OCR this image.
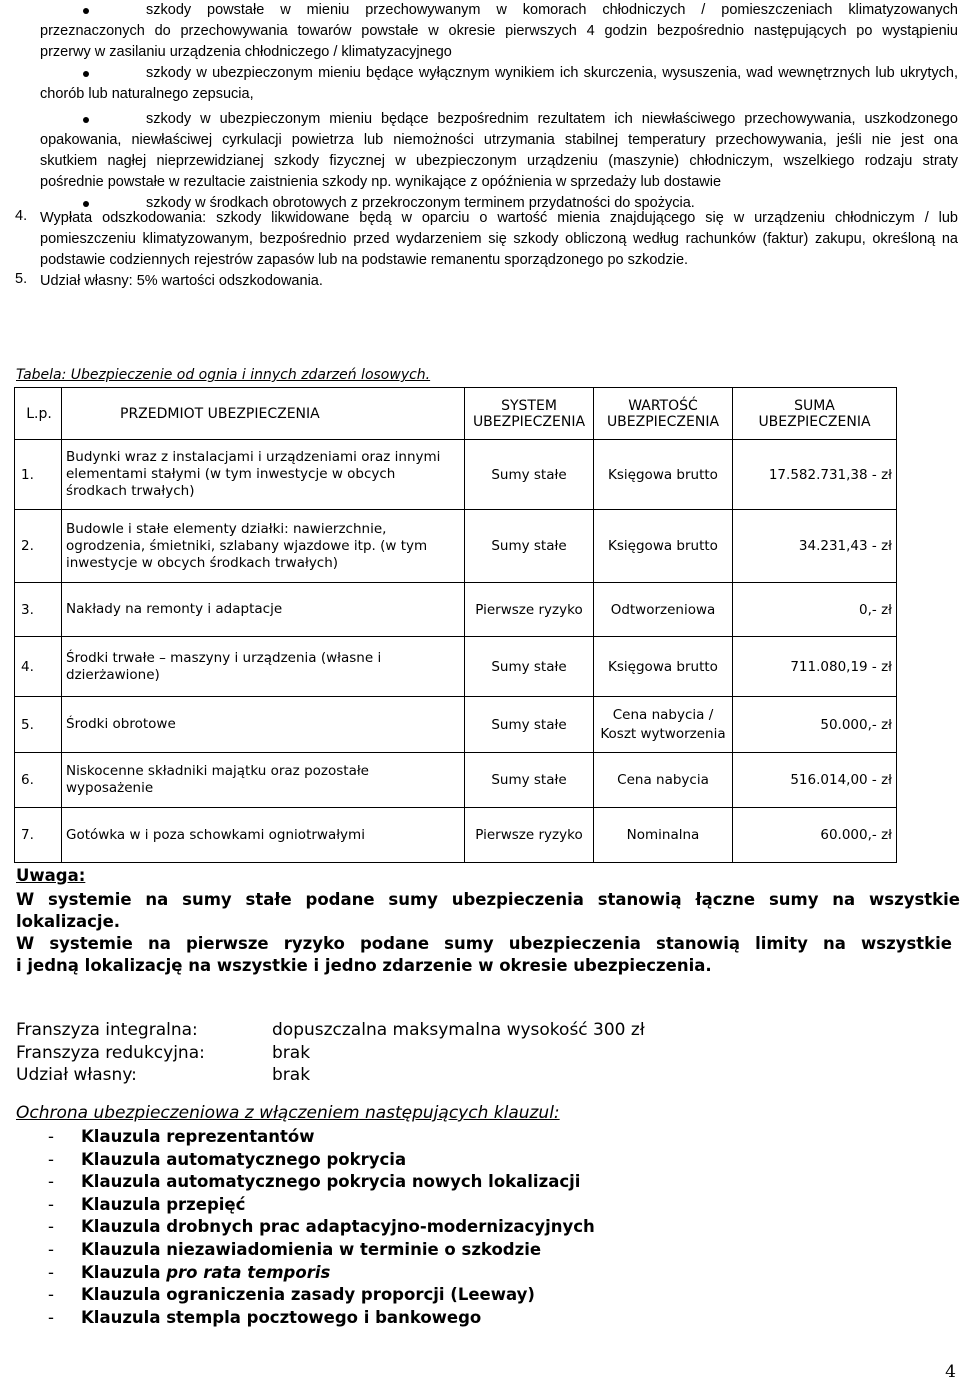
szkody powstałe w mieniu przechowywanym w komorach chłodniczych / pomieszczeniach klimatyzowanych
przeznaczonych do przechowywania towarów powstałe w okresie pierwszych 4 godzin bezpośrednio następujących po wystąpieniu
przerwy w zasilaniu urządzenia chłodniczego / klimatyzacyjnego
szkody w ubezpieczonym mieniu będące wyłącznym wynikiem ich skurczenia, wysuszenia, wad wewnętrznych lub ukrytych,
chorób lub naturalnego zepsucia,
szkody w ubezpieczonym mieniu będące bezpośrednim rezultatem ich niewłaściwego przechowywania, uszkodzonego
opakowania, niewłaściwej cyrkulacji powietrza lub niemożności utrzymania stabilnej temperatury przechowywania, jeśli nie jest ona
skutkiem nagłej nieprzewidzianej szkody fizycznej w ubezpieczonym urządzeniu (maszynie) chłodniczym, wszelkiego rodzaju straty
pośrednie powstałe w rezultacie zaistnienia szkody np. wynikające z opóźnienia w sprzedaży lub dostawie
szkody w środkach obrotowych z przekroczonym terminem przydatności do spożycia.
4. Wypłata odszkodowania: szkody likwidowane będą w oparciu o wartość mienia znajdującego się w urządzeniu chłodniczym / lub
pomieszczeniu klimatyzowanym, bezpośrednio przed wydarzeniem się szkody obliczoną według rachunków (faktur) zakupu, określoną na
podstawie codziennych rejestrów zapasów lub na podstawie remanentu sporządzonego po szkodzie.
5. Udział własny: 5% wartości odszkodowania.
Tabela: Ubezpieczenie od ognia i innych zdarzeń losowych.
L.p.	PRZEDMIOT UBEZPIECZENIA	SYSTEM UBEZPIECZENIA	WARTOŚĆ UBEZPIECZENIA	SUMA UBEZPIECZENIA
1.	Budynki wraz z instalacjami i urządzeniami oraz innymi elementami stałymi (w tym inwestycje w obcych środkach trwałych)	Sumy stałe	Księgowa brutto	17.582.731,38 - zł
2.	Budowle i stałe elementy działki: nawierzchnie, ogrodzenia, śmietniki, szlabany wjazdowe itp. (w tym inwestycje w obcych środkach trwałych)	Sumy stałe	Księgowa brutto	34.231,43 - zł
3.	Nakłady na remonty i adaptacje	Pierwsze ryzyko	Odtworzeniowa	0,- zł
4.	Środki trwałe – maszyny i urządzenia (własne i dzierżawione)	Sumy stałe	Księgowa brutto	711.080,19 - zł
5.	Środki obrotowe	Sumy stałe	Cena nabycia / Koszt wytworzenia	50.000,- zł
6.	Niskocenne składniki majątku oraz pozostałe wyposażenie	Sumy stałe	Cena nabycia	516.014,00 - zł
7.	Gotówka w i poza schowkami ogniotrwałymi	Pierwsze ryzyko	Nominalna	60.000,- zł
Uwaga:
W systemie na sumy stałe podane sumy ubezpieczenia stanowią łączne sumy na wszystkie
lokalizacje.
W systemie na pierwsze ryzyko podane sumy ubezpieczenia stanowią limity na wszystkie
i jedną lokalizację na wszystkie i jedno zdarzenie w okresie ubezpieczenia.
Franszyza integralna:	dopuszczalna maksymalna wysokość 300 zł
Franszyza redukcyjna:	brak
Udział własny:	brak
Ochrona ubezpieczeniowa z włączeniem następujących klauzul:
- Klauzula reprezentantów
- Klauzula automatycznego pokrycia
- Klauzula automatycznego pokrycia nowych lokalizacji
- Klauzula przepięć
- Klauzula drobnych prac adaptacyjno-modernizacyjnych
- Klauzula niezawiadomienia w terminie o szkodzie
- Klauzula pro rata temporis
- Klauzula ograniczenia zasady proporcji (Leeway)
- Klauzula stempla pocztowego i bankowego
4
